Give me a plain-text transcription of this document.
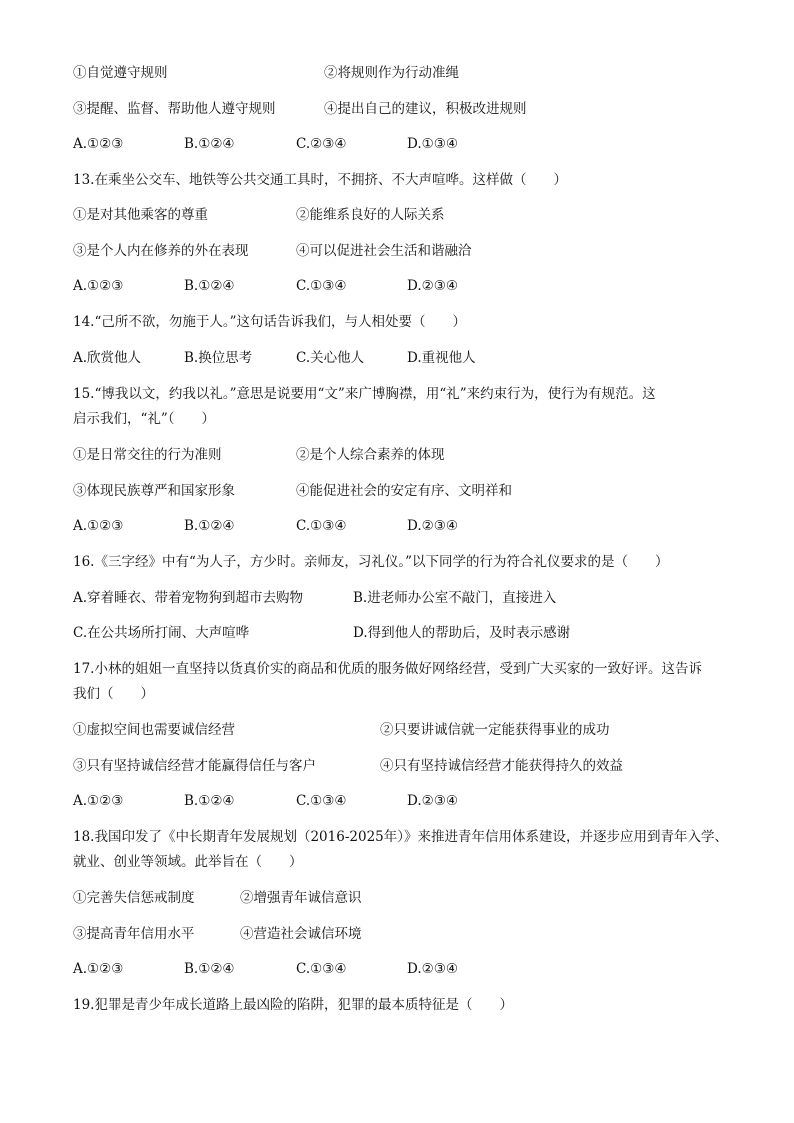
①自觉遵守规则	②将规则作为行动准绳
③提醒、监督、帮助他人遵守规则	④提出自己的建议，积极改进规则
A.①②③	B.①②④	C.②③④	D.①③④
13.在乘坐公交车、地铁等公共交通工具时，不拥挤、不大声喧哗。这样做（　　）
①是对其他乘客的尊重	②能维系良好的人际关系
③是个人内在修养的外在表现	④可以促进社会生活和谐融洽
A.①②③	B.①②④	C.①③④	D.②③④
14.“己所不欲，勿施于人。”这句话告诉我们，与人相处要（　　）
A.欣赏他人	B.换位思考	C.关心他人	D.重视他人
15.“博我以文，约我以礼。”意思是说要用“文”来广博胸襟，用“礼”来约束行为，使行为有规范。这
启示我们，“礼”（　　）
①是日常交往的行为准则	②是个人综合素养的体现
③体现民族尊严和国家形象	④能促进社会的安定有序、文明祥和
A.①②③	B.①②④	C.①③④	D.②③④
16.《三字经》中有“为人子，方少时。亲师友，习礼仪。”以下同学的行为符合礼仪要求的是（　　）
A.穿着睡衣、带着宠物狗到超市去购物	B.进老师办公室不敲门，直接进入
C.在公共场所打闹、大声喧哗	D.得到他人的帮助后，及时表示感谢
17.小林的姐姐一直坚持以货真价实的商品和优质的服务做好网络经营，受到广大买家的一致好评。这告诉
我们（　　）
①虚拟空间也需要诚信经营	②只要讲诚信就一定能获得事业的成功
③只有坚持诚信经营才能赢得信任与客户	④只有坚持诚信经营才能获得持久的效益
A.①②③	B.①②④	C.①③④	D.②③④
18.我国印发了《中长期青年发展规划（2016-2025年）》来推进青年信用体系建设，并逐步应用到青年入学、
就业、创业等领域。此举旨在（　　）
①完善失信惩戒制度	②增强青年诚信意识
③提高青年信用水平	④营造社会诚信环境
A.①②③	B.①②④	C.①③④	D.②③④
19.犯罪是青少年成长道路上最凶险的陷阱，犯罪的最本质特征是（　　）
